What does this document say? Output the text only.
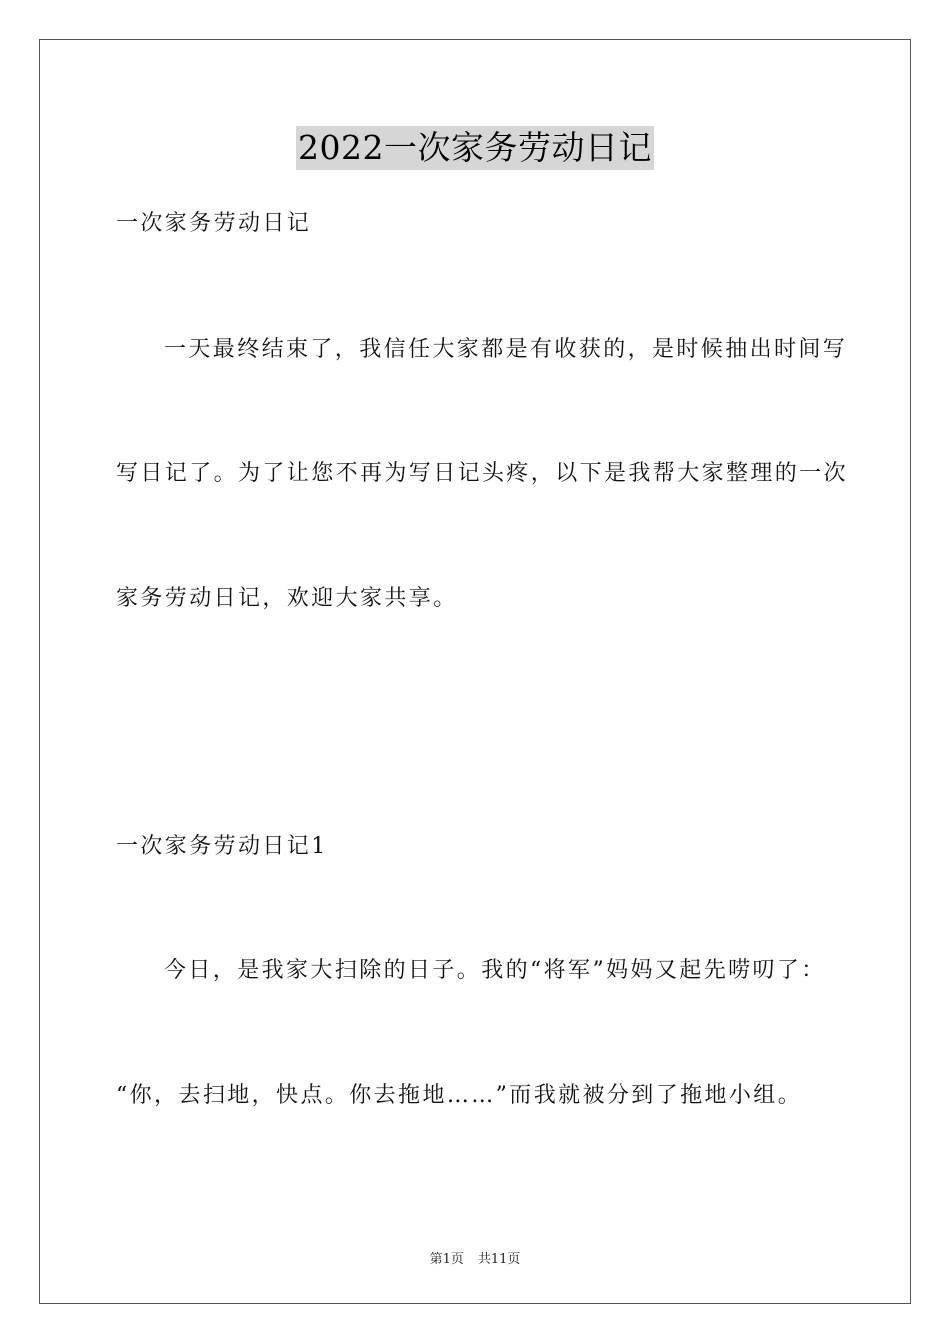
2022一次家务劳动日记
一次家务劳动日记
一天最终结束了，我信任大家都是有收获的，是时候抽出时间写
写日记了。为了让您不再为写日记头疼，以下是我帮大家整理的一次
家务劳动日记，欢迎大家共享。
一次家务劳动日记1
今日，是我家大扫除的日子。我的“将军”妈妈又起先唠叨了：
“你，去扫地，快点。你去拖地……”而我就被分到了拖地小组。
第1页 共11页
